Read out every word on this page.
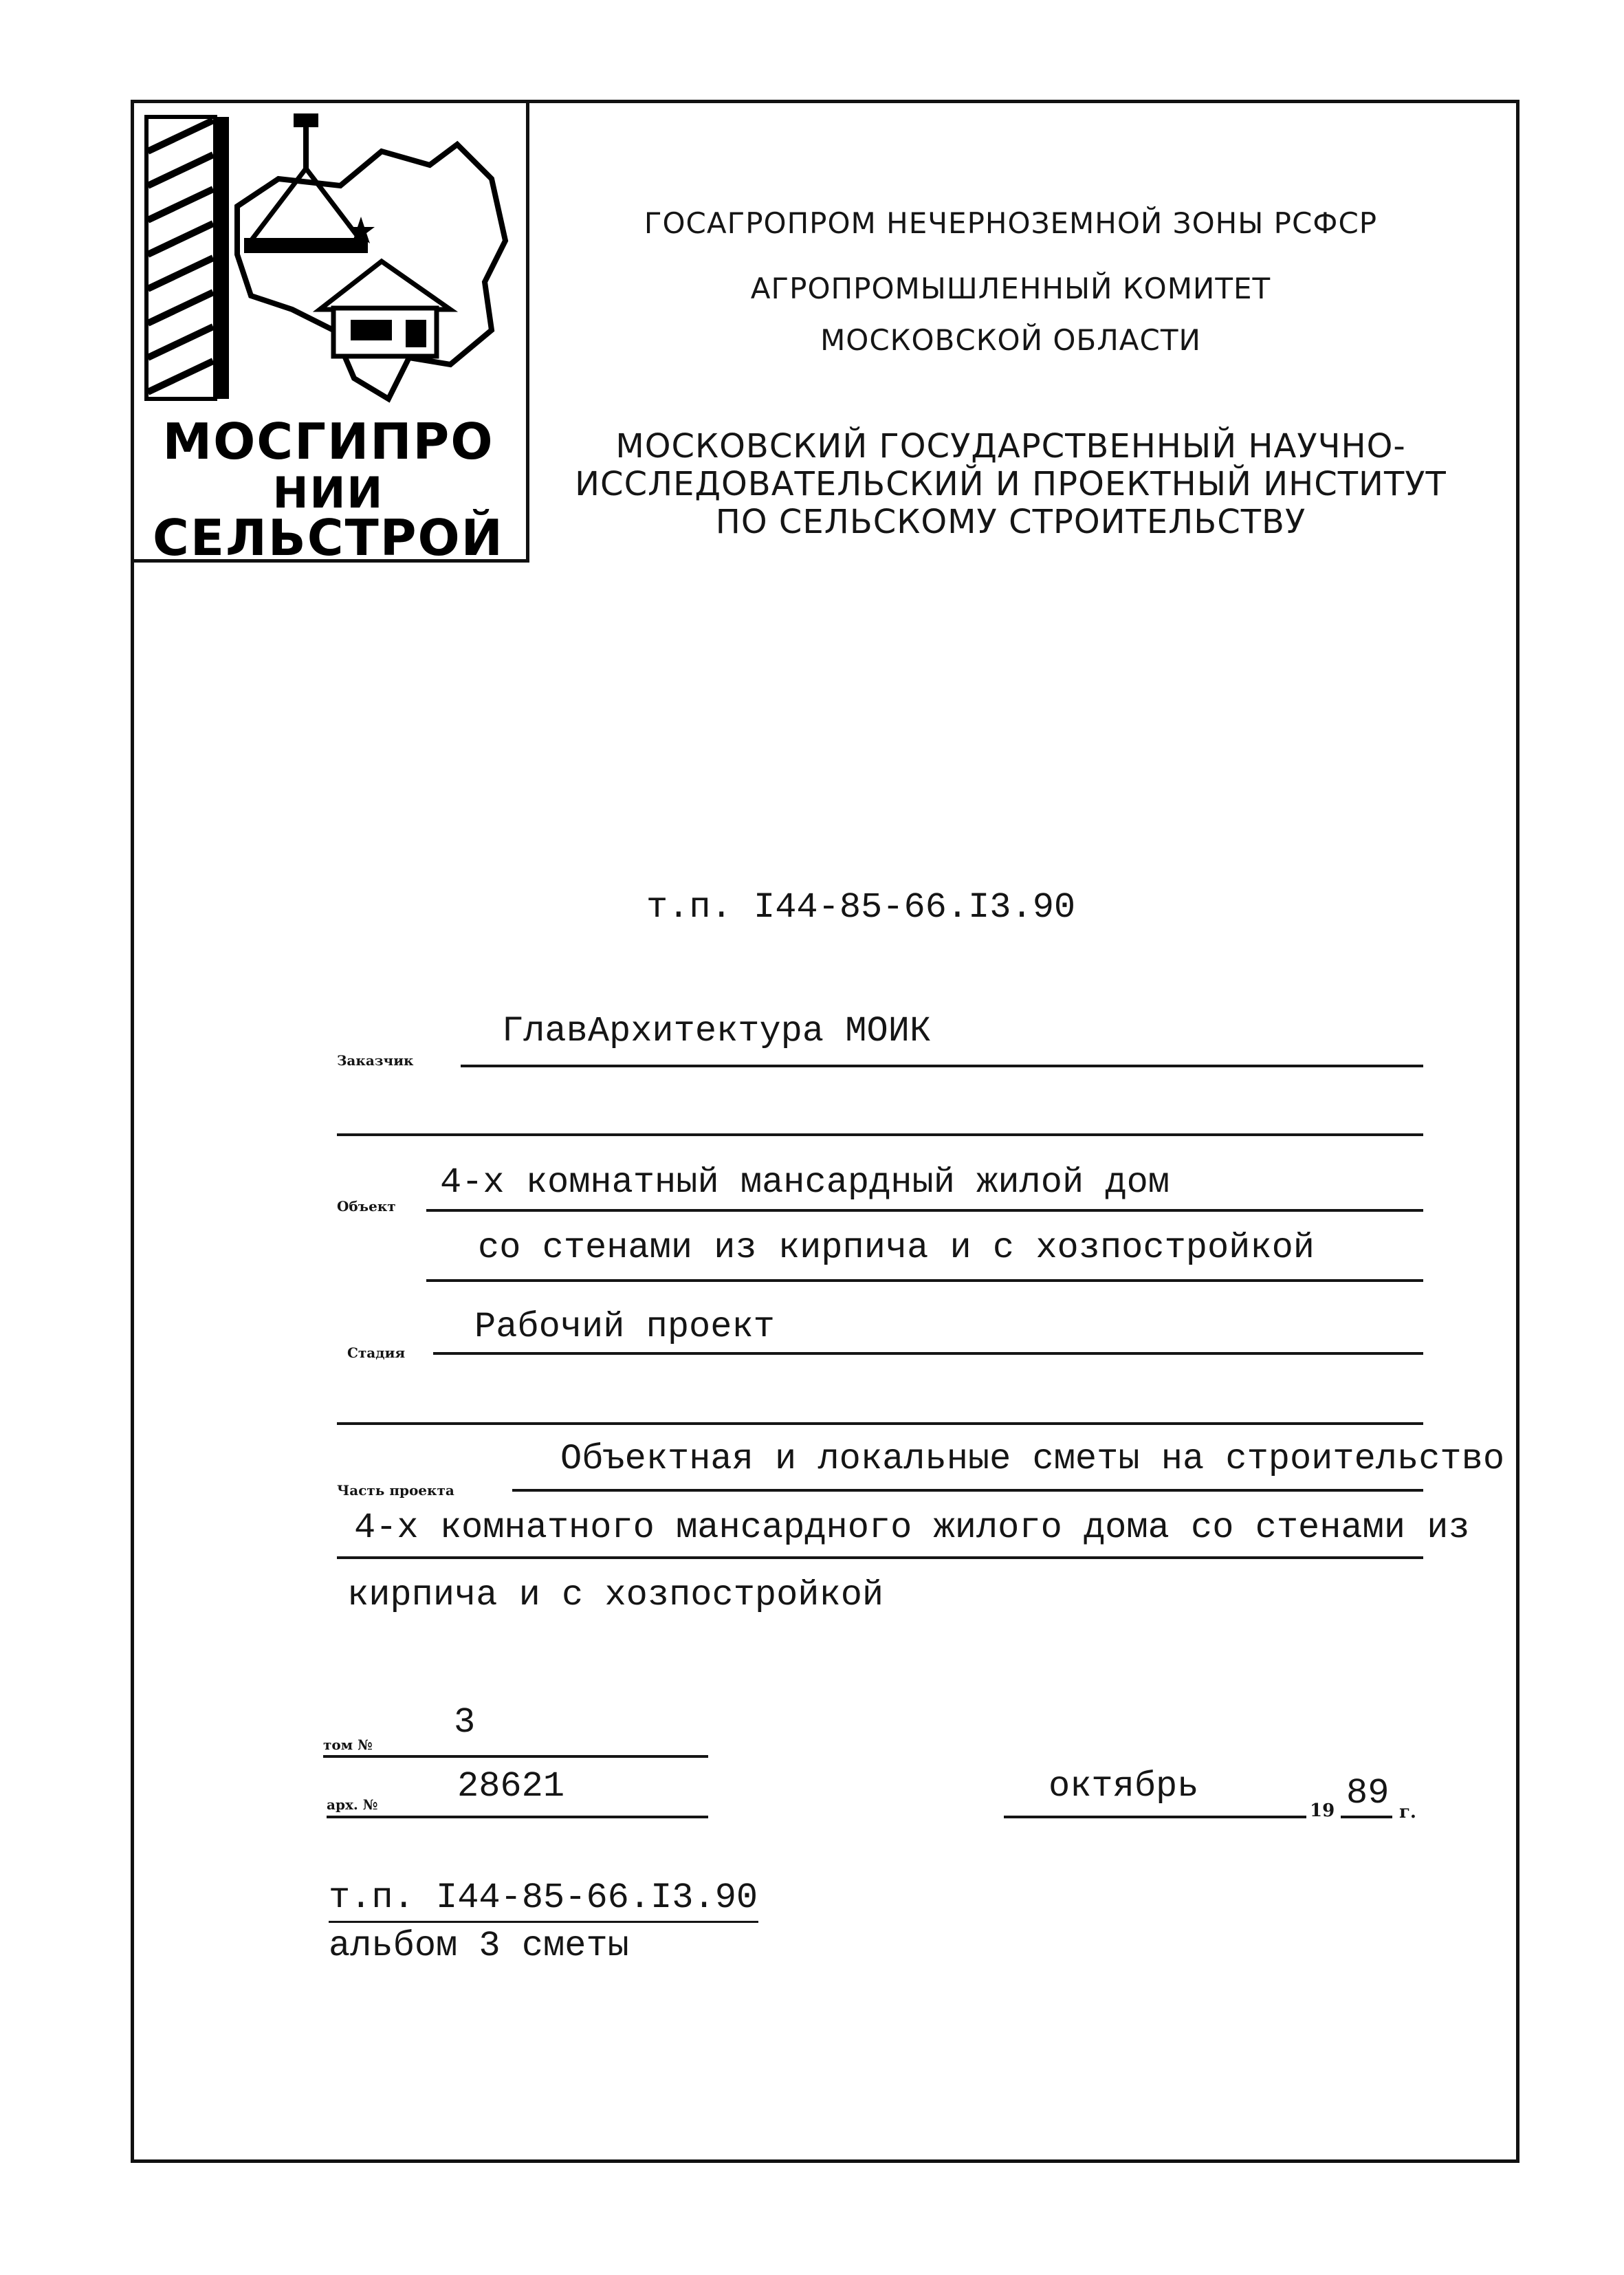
МОСГИПРО
НИИ
СЕЛЬСТРОЙ
ГОСАГРОПРОМ НЕЧЕРНОЗЕМНОЙ ЗОНЫ РСФСР
АГРОПРОМЫШЛЕННЫЙ КОМИТЕТ
МОСКОВСКОЙ ОБЛАСТИ
МОСКОВСКИЙ ГОСУДАРСТВЕННЫЙ НАУЧНО-
ИССЛЕДОВАТЕЛЬСКИЙ И ПРОЕКТНЫЙ ИНСТИТУТ
ПО СЕЛЬСКОМУ СТРОИТЕЛЬСТВУ
т.п. I44-85-66.I3.90
Заказчик
ГлавАрхитектура МОИК
Объект
4-х комнатный мансардный жилой дом
со стенами из кирпича и с хозпостройкой
Стадия
Рабочий проект
Часть проекта
Объектная и локальные сметы на строительство
4-х комнатного мансардного жилого дома со стенами из
кирпича и с хозпостройкой
том №
3
арх. № 28621	октябрь
19 89 г.
т.п. I44-85-66.I3.90
альбом 3 сметы
